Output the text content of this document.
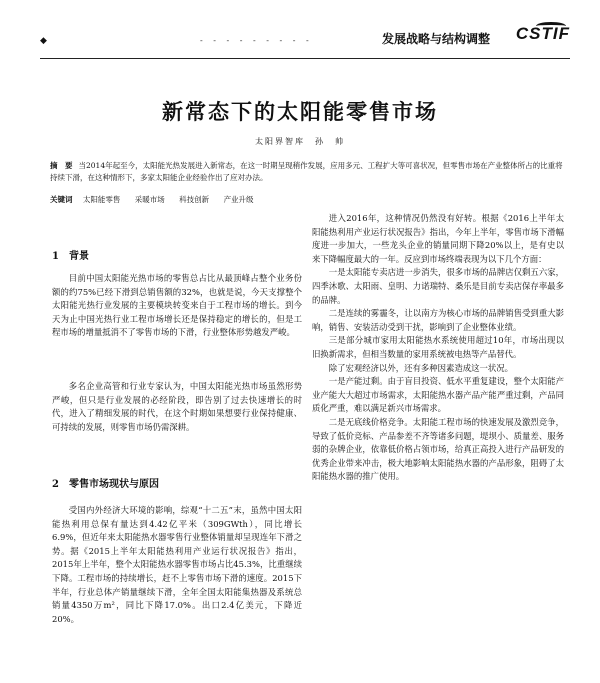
◆	- - - - - - - - -	发展战略与结构调整 CSTIF
新常态下的太阳能零售市场
太阳界智库　孙　帅
摘　要 当2014年起至今，太阳能光热发展进入新常态，在这一时期呈现稍作发展，应用多元、工程扩大等可喜状况，但零售市场在产业整体所占的比重将持续下滑，在这种情形下，多家太阳能企业经验作出了应对办法。
关键词 太阳能零售 采暖市场 科技创新 产业升级
1　背景

目前中国太阳能光热市场的零售总占比从最顶峰占整个业务份额的约75%已经下滑到总销售额的32%，也就是说，今天支撑整个太阳能光热行业发展的主要模块转变来自于工程市场的增长。到今天为止中国光热行业工程市场增长还是保持稳定的增长的，但是工程市场的增量抵消不了零售市场的下滑，行业整体形势越发严峻。

多名企业高管和行业专家认为，中国太阳能光热市场虽然形势严峻，但只是行业发展的必经阶段，即告别了过去快速增长的时代，进入了精细发展的时代，在这个时期如果想要行业保持健康、可持续的发展，则零售市场仍需深耕。

2　零售市场现状与原因

受国内外经济大环境的影响，综观“十二五”末，虽然中国太阳能热利用总保有量达到4.42亿平米（309GWth），同比增长6.9%，但近年来太阳能热水器零售行业整体销量却呈现连年下滑之势。据《2015上半年太阳能热利用产业运行状况报告》指出，2015年上半年，整个太阳能热水器零售市场占比45.3%，比重继续下降。工程市场的持续增长，赶不上零售市场下滑的速度。2015下半年，行业总体产销量继续下滑，全年全国太阳能集热器及系统总销量4350万m²，同比下降17.0%。出口2.4亿美元，下降近20%。

进入2016年，这种情况仍然没有好转。根据《2016上半年太阳能热利用产业运行状况报告》指出，今年上半年，零售市场下滑幅度进一步加大，一些龙头企业的销量同期下降20%以上，是有史以来下降幅度最大的一年。反应到市场终端表现为以下几个方面：

一是太阳能专卖店进一步消失，很多市场的品牌店仅剩五六家，四季沐歌、太阳雨、皇明、力诺瑞特、桑乐是目前专卖店保存率最多的品牌。

二是连续的雾霾冬，让以南方为核心市场的品牌销售受到重大影响，销售、安装活动受到干扰，影响到了企业整体业绩。

三是部分城市家用太阳能热水系统使用超过10年，市场出现以旧换新需求，但相当数量的家用系统被电热等产品替代。

除了宏观经济以外，还有多种因素造成这一状况。

一是产能过剩。由于盲目投资、低水平重复建设，整个太阳能产业产能大大超过市场需求，太阳能热水器产品产能严重过剩，产品同质化严重，难以满足新兴市场需求。

二是无底线价格竞争。太阳能工程市场的快速发展及激烈竞争，导致了低价竞标、产品参差不齐等诸多问题，堤坝小、质量差、服务弱的杂牌企业，依靠低价格占领市场，给真正高投入进行产品研发的优秀企业带来冲击，极大地影响太阳能热水器的产品形象，阻碍了太阳能热水器的推广使用。
